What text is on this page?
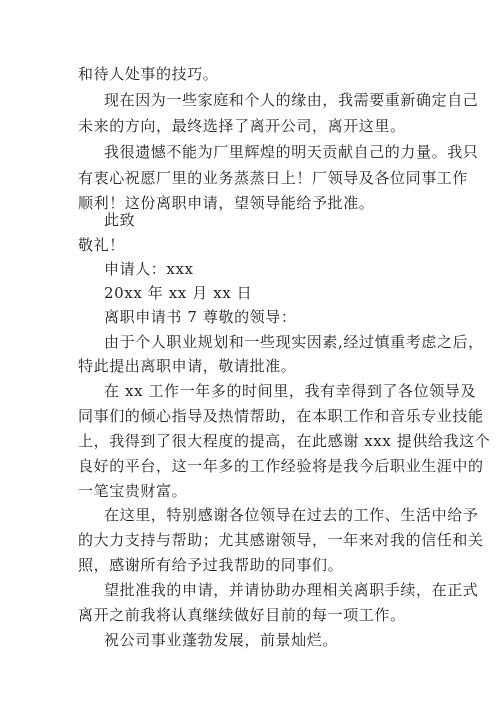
和待人处事的技巧。
现在因为一些家庭和个人的缘由，我需要重新确定自己
未来的方向，最终选择了离开公司，离开这里。
我很遗憾不能为厂里辉煌的明天贡献自己的力量。我只
有衷心祝愿厂里的业务蒸蒸日上！厂领导及各位同事工作
顺利！这份离职申请，望领导能给予批准。
此致
敬礼！
申请人：xxx
20xx 年 xx 月 xx 日
离职申请书 7 尊敬的领导：
由于个人职业规划和一些现实因素,经过慎重考虑之后，
特此提出离职申请，敬请批准。
在 xx 工作一年多的时间里，我有幸得到了各位领导及
同事们的倾心指导及热情帮助，在本职工作和音乐专业技能
上，我得到了很大程度的提高，在此感谢 xxx 提供给我这个
良好的平台，这一年多的工作经验将是我今后职业生涯中的
一笔宝贵财富。
在这里，特别感谢各位领导在过去的工作、生活中给予
的大力支持与帮助；尤其感谢领导，一年来对我的信任和关
照，感谢所有给予过我帮助的同事们。
望批准我的申请，并请协助办理相关离职手续，在正式
离开之前我将认真继续做好目前的每一项工作。
祝公司事业蓬勃发展，前景灿烂。
